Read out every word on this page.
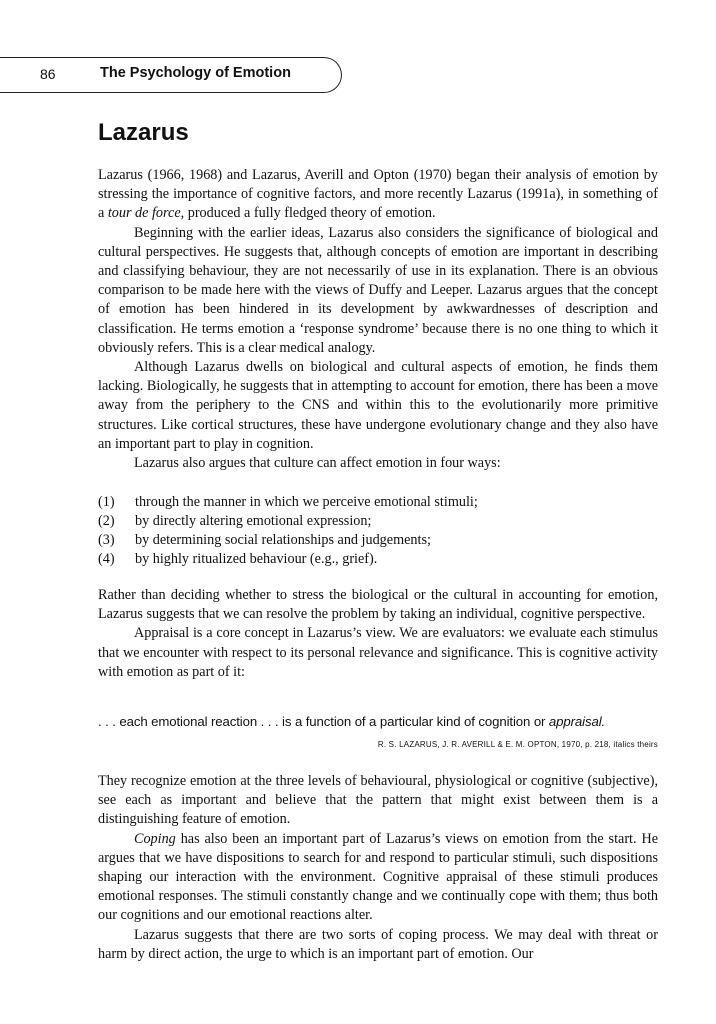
86	The Psychology of Emotion
Lazarus

Lazarus (1966, 1968) and Lazarus, Averill and Opton (1970) began their analysis of emotion by stressing the importance of cognitive factors, and more recently Lazarus (1991a), in something of a tour de force, produced a fully fledged theory of emotion.

Beginning with the earlier ideas, Lazarus also considers the significance of biological and cultural perspectives. He suggests that, although concepts of emotion are important in describing and classifying behaviour, they are not necessarily of use in its explanation. There is an obvious comparison to be made here with the views of Duffy and Leeper. Lazarus argues that the concept of emotion has been hindered in its development by awkwardnesses of description and classification. He terms emotion a ‘response syndrome’ because there is no one thing to which it obviously refers. This is a clear medical analogy.

Although Lazarus dwells on biological and cultural aspects of emotion, he finds them lacking. Biologically, he suggests that in attempting to account for emotion, there has been a move away from the periphery to the CNS and within this to the evolutionarily more primitive structures. Like cortical structures, these have undergone evolutionary change and they also have an important part to play in cognition.

Lazarus also argues that culture can affect emotion in four ways:

(1) through the manner in which we perceive emotional stimuli;
(2) by directly altering emotional expression;
(3) by determining social relationships and judgements;
(4) by highly ritualized behaviour (e.g., grief).

Rather than deciding whether to stress the biological or the cultural in accounting for emotion, Lazarus suggests that we can resolve the problem by taking an individual, cognitive perspective.

Appraisal is a core concept in Lazarus’s view. We are evaluators: we evaluate each stimulus that we encounter with respect to its personal relevance and significance. This is cognitive activity with emotion as part of it:

. . . each emotional reaction . . . is a function of a particular kind of cognition or appraisal.
R. S. LAZARUS, J. R. AVERILL & E. M. OPTON, 1970, p. 218, italics theirs

They recognize emotion at the three levels of behavioural, physiological or cognitive (subjective), see each as important and believe that the pattern that might exist between them is a distinguishing feature of emotion.

Coping has also been an important part of Lazarus’s views on emotion from the start. He argues that we have dispositions to search for and respond to particular stimuli, such dispositions shaping our interaction with the environment. Cognitive appraisal of these stimuli produces emotional responses. The stimuli constantly change and we continually cope with them; thus both our cognitions and our emotional reactions alter.

Lazarus suggests that there are two sorts of coping process. We may deal with threat or harm by direct action, the urge to which is an important part of emotion. Our
